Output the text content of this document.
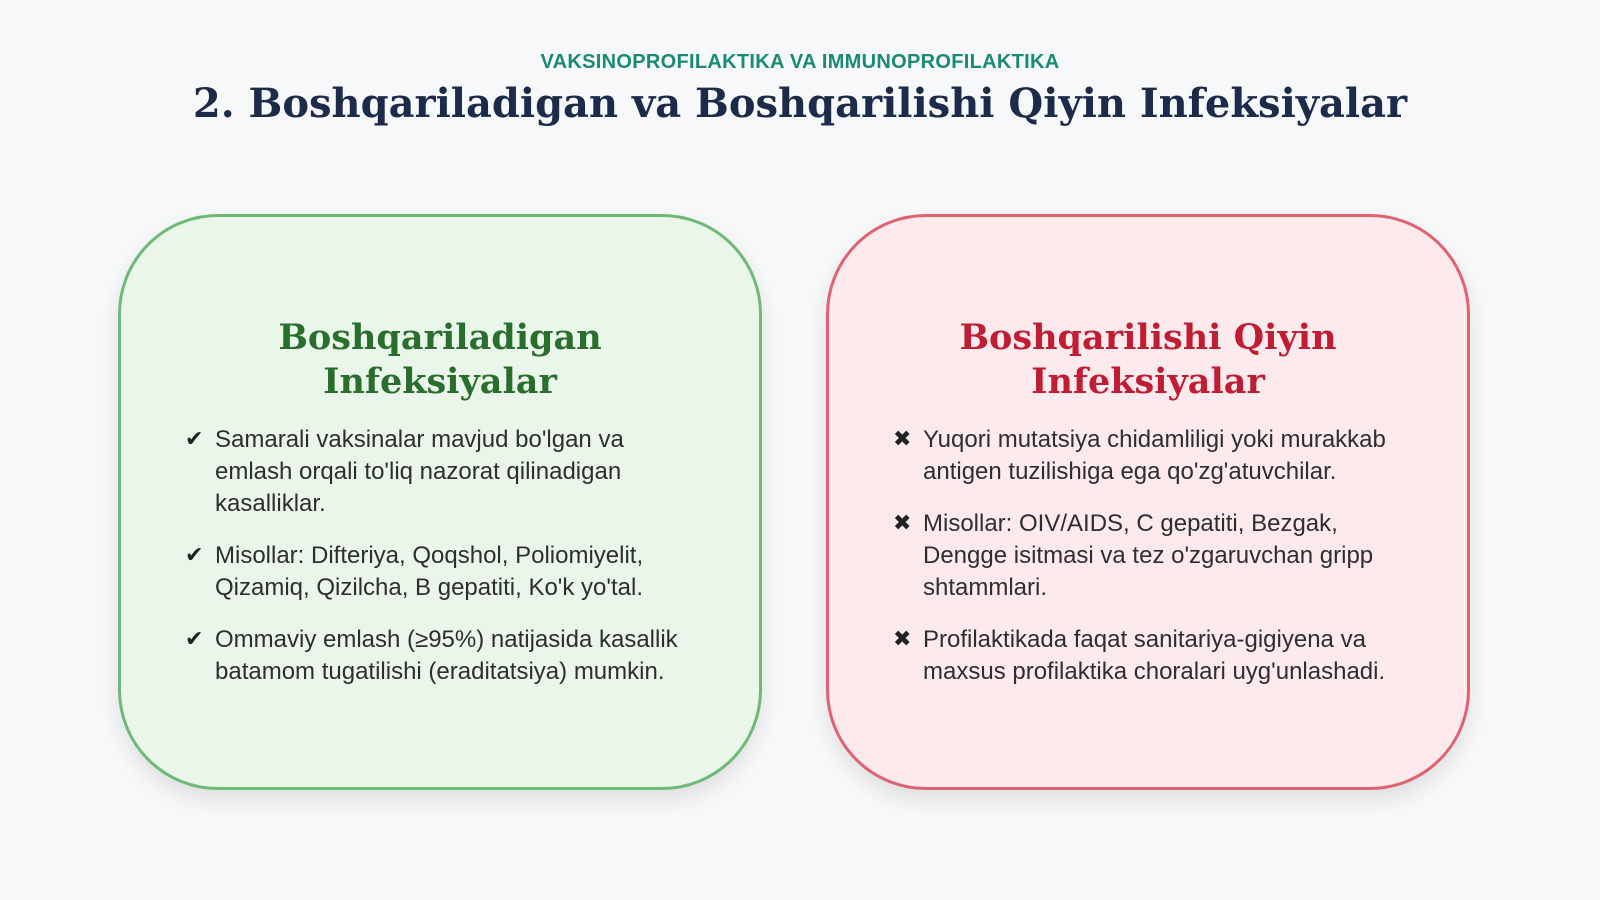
VAKSINOPROFILAKTIKA VA IMMUNOPROFILAKTIKA
2. Boshqariladigan va Boshqarilishi Qiyin Infeksiyalar
Boshqariladigan Infeksiyalar
✔ Samarali vaksinalar mavjud bo'lgan va emlash orqali to'liq nazorat qilinadigan kasalliklar.
✔ Misollar: Difteriya, Qoqshol, Poliomiyelit, Qizamiq, Qizilcha, B gepatiti, Ko'k yo'tal.
✔ Ommaviy emlash (≥95%) natijasida kasallik batamom tugatilishi (eraditatsiya) mumkin.
Boshqarilishi Qiyin Infeksiyalar
✖ Yuqori mutatsiya chidamliligi yoki murakkab antigen tuzilishiga ega qo'zg'atuvchilar.
✖ Misollar: OIV/AIDS, C gepatiti, Bezgak, Dengge isitmasi va tez o'zgaruvchan gripp shtammlari.
✖ Profilaktikada faqat sanitariya-gigiyena va maxsus profilaktika choralari uyg'unlashadi.
